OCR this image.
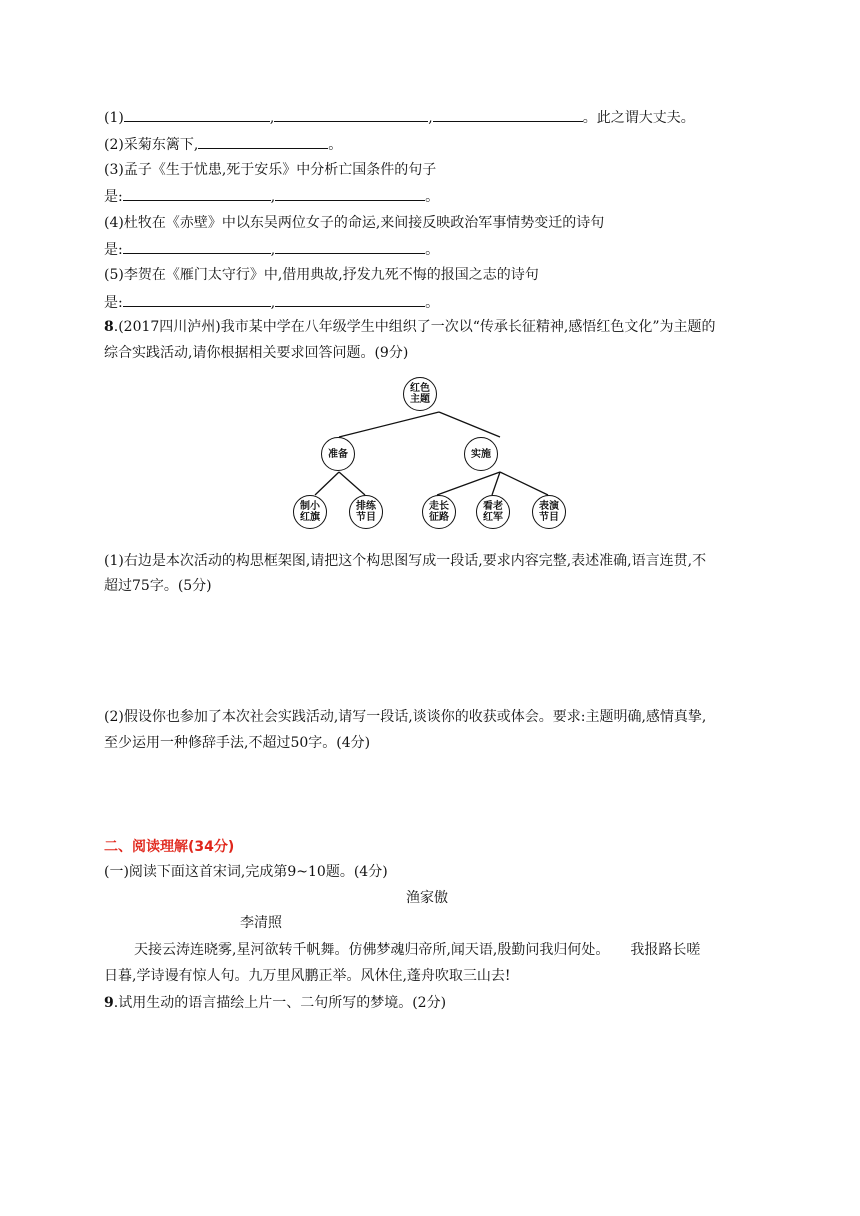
(1)	,	,	。此之谓大丈夫。
(2)采菊东篱下,	。
(3)孟子《生于忧患,死于安乐》中分析亡国条件的句子
是:	,	。
(4)杜牧在《赤壁》中以东吴两位女子的命运,来间接反映政治军事情势变迁的诗句
是:	,	。
(5)李贺在《雁门太守行》中,借用典故,抒发九死不悔的报国之志的诗句
是:	,	。
8.(2017四川泸州)我市某中学在八年级学生中组织了一次以“传承长征精神,感悟红色文化”为主题的
综合实践活动,请你根据相关要求回答问题。(9分)
红色主题
准备	实施
制小红旗
排练节目
走长征路
看老红军
表演节目
(1)右边是本次活动的构思框架图,请把这个构思图写成一段话,要求内容完整,表述准确,语言连贯,不
超过75字。(5分)
(2)假设你也参加了本次社会实践活动,请写一段话,谈谈你的收获或体会。要求:主题明确,感情真挚,
至少运用一种修辞手法,不超过50字。(4分)
二、阅读理解(34分)
(一)阅读下面这首宋词,完成第9~10题。(4分)
渔家傲
李清照
天接云涛连晓雾,星河欲转千帆舞。仿佛梦魂归帝所,闻天语,殷勤问我归何处。　　我报路长嗟
日暮,学诗谩有惊人句。九万里风鹏正举。风休住,蓬舟吹取三山去!
9.试用生动的语言描绘上片一、二句所写的梦境。(2分)
